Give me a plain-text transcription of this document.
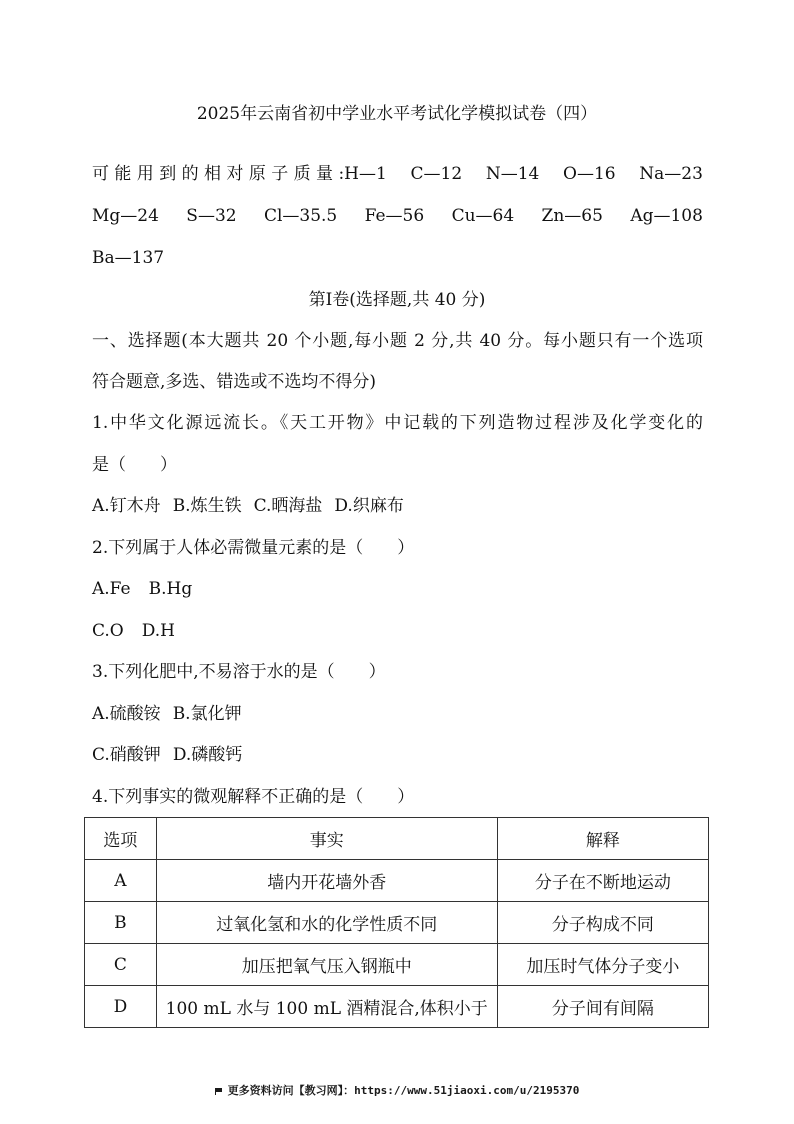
2025年云南省初中学业水平考试化学模拟试卷（四）
可 能 用 到 的 相 对 原 子 质 量 :H—1 C—12 N—14 O—16 Na—23
Mg—24 S—32 Cl—35.5 Fe—56 Cu—64 Zn—65 Ag—108
Ba—137
第Ⅰ卷(选择题,共 40 分)
一、选择题(本大题共 20 个小题,每小题 2 分,共 40 分。每小题只有一个选项
符合题意,多选、错选或不选均不得分)
1.中华文化源远流长。《天工开物》中记载的下列造物过程涉及化学变化的
是（　　）
A.钉木舟 B.炼生铁 C.晒海盐 D.织麻布
2.下列属于人体必需微量元素的是（　　）
A.Fe B.Hg
C.O D.H
3.下列化肥中,不易溶于水的是（　　）
A.硫酸铵 B.氯化钾
C.硝酸钾 D.磷酸钙
4.下列事实的微观解释不正确的是（　　）
选项	事实	解释
A	墙内开花墙外香	分子在不断地运动
B	过氧化氢和水的化学性质不同	分子构成不同
C	加压把氧气压入钢瓶中	加压时气体分子变小
D	100 mL 水与 100 mL 酒精混合,体积小于	分子间有间隔
更多资料访问【教习网】：https://www.51jiaoxi.com/u/2195370
